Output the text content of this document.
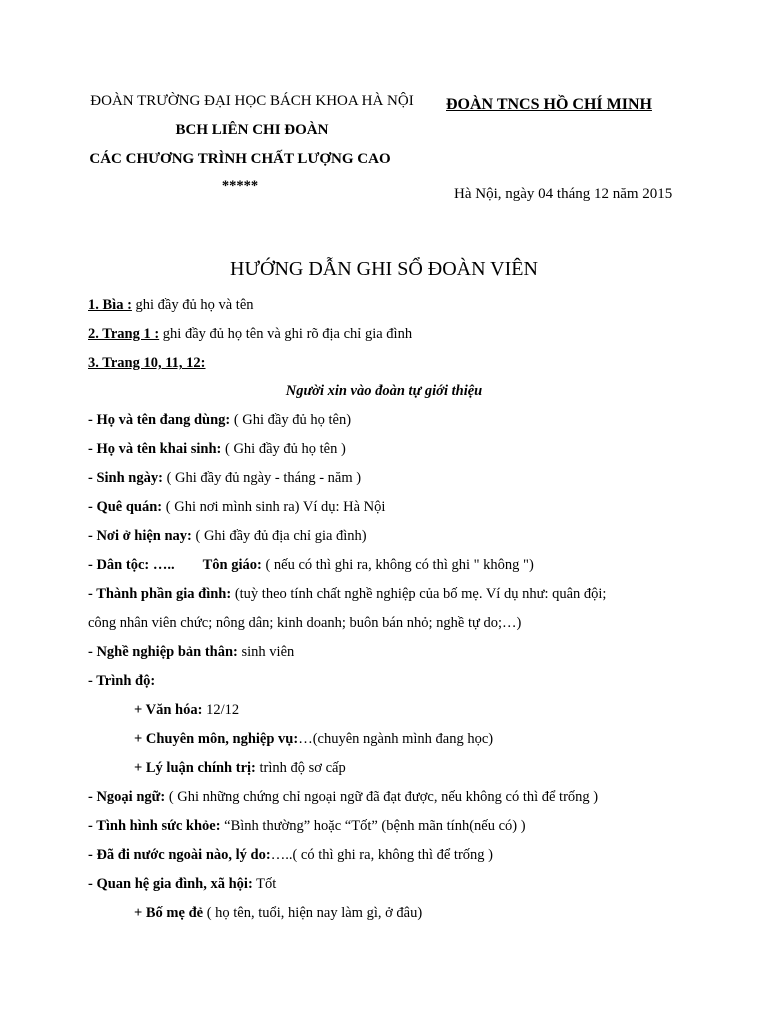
ĐOÀN TRƯỜNG ĐẠI HỌC BÁCH KHOA HÀ NỘI
BCH LIÊN CHI ĐOÀN
CÁC CHƯƠNG TRÌNH CHẤT LƯỢNG CAO
*****
ĐOÀN TNCS HỒ CHÍ MINH
Hà Nội, ngày 04 tháng 12 năm 2015
HƯỚNG DẪN GHI SỔ ĐOÀN VIÊN
1. Bìa : ghi đầy đủ họ và tên
2. Trang 1 : ghi đầy đủ họ tên và ghi rõ địa chỉ gia đình
3. Trang 10, 11, 12:
Người xin vào đoàn tự giới thiệu
- Họ và tên đang dùng: ( Ghi đầy đủ họ tên)
- Họ và tên khai sinh: ( Ghi đầy đủ họ tên )
- Sinh ngày: ( Ghi đầy đủ ngày - tháng - năm )
- Quê quán: ( Ghi nơi mình sinh ra) Ví dụ: Hà Nội
- Nơi ở hiện nay: ( Ghi đầy đủ địa chỉ gia đình)
- Dân tộc: ….. Tôn giáo: ( nếu có thì ghi ra, không có thì ghi " không ")
- Thành phần gia đình: (tuỳ theo tính chất nghề nghiệp của bố mẹ. Ví dụ như: quân đội;
công nhân viên chức; nông dân; kinh doanh; buôn bán nhỏ; nghề tự do;…)
- Nghề nghiệp bản thân: sinh viên
- Trình độ:
+ Văn hóa: 12/12
+ Chuyên môn, nghiệp vụ:…(chuyên ngành mình đang học)
+ Lý luận chính trị: trình độ sơ cấp
- Ngoại ngữ: ( Ghi những chứng chỉ ngoại ngữ đã đạt được, nếu không có thì để trống )
- Tình hình sức khỏe: “Bình thường” hoặc “Tốt” (bệnh mãn tính(nếu có) )
- Đã đi nước ngoài nào, lý do:…..( có thì ghi ra, không thì để trống )
- Quan hệ gia đình, xã hội: Tốt
+ Bố mẹ đẻ ( họ tên, tuổi, hiện nay làm gì, ở đâu)
